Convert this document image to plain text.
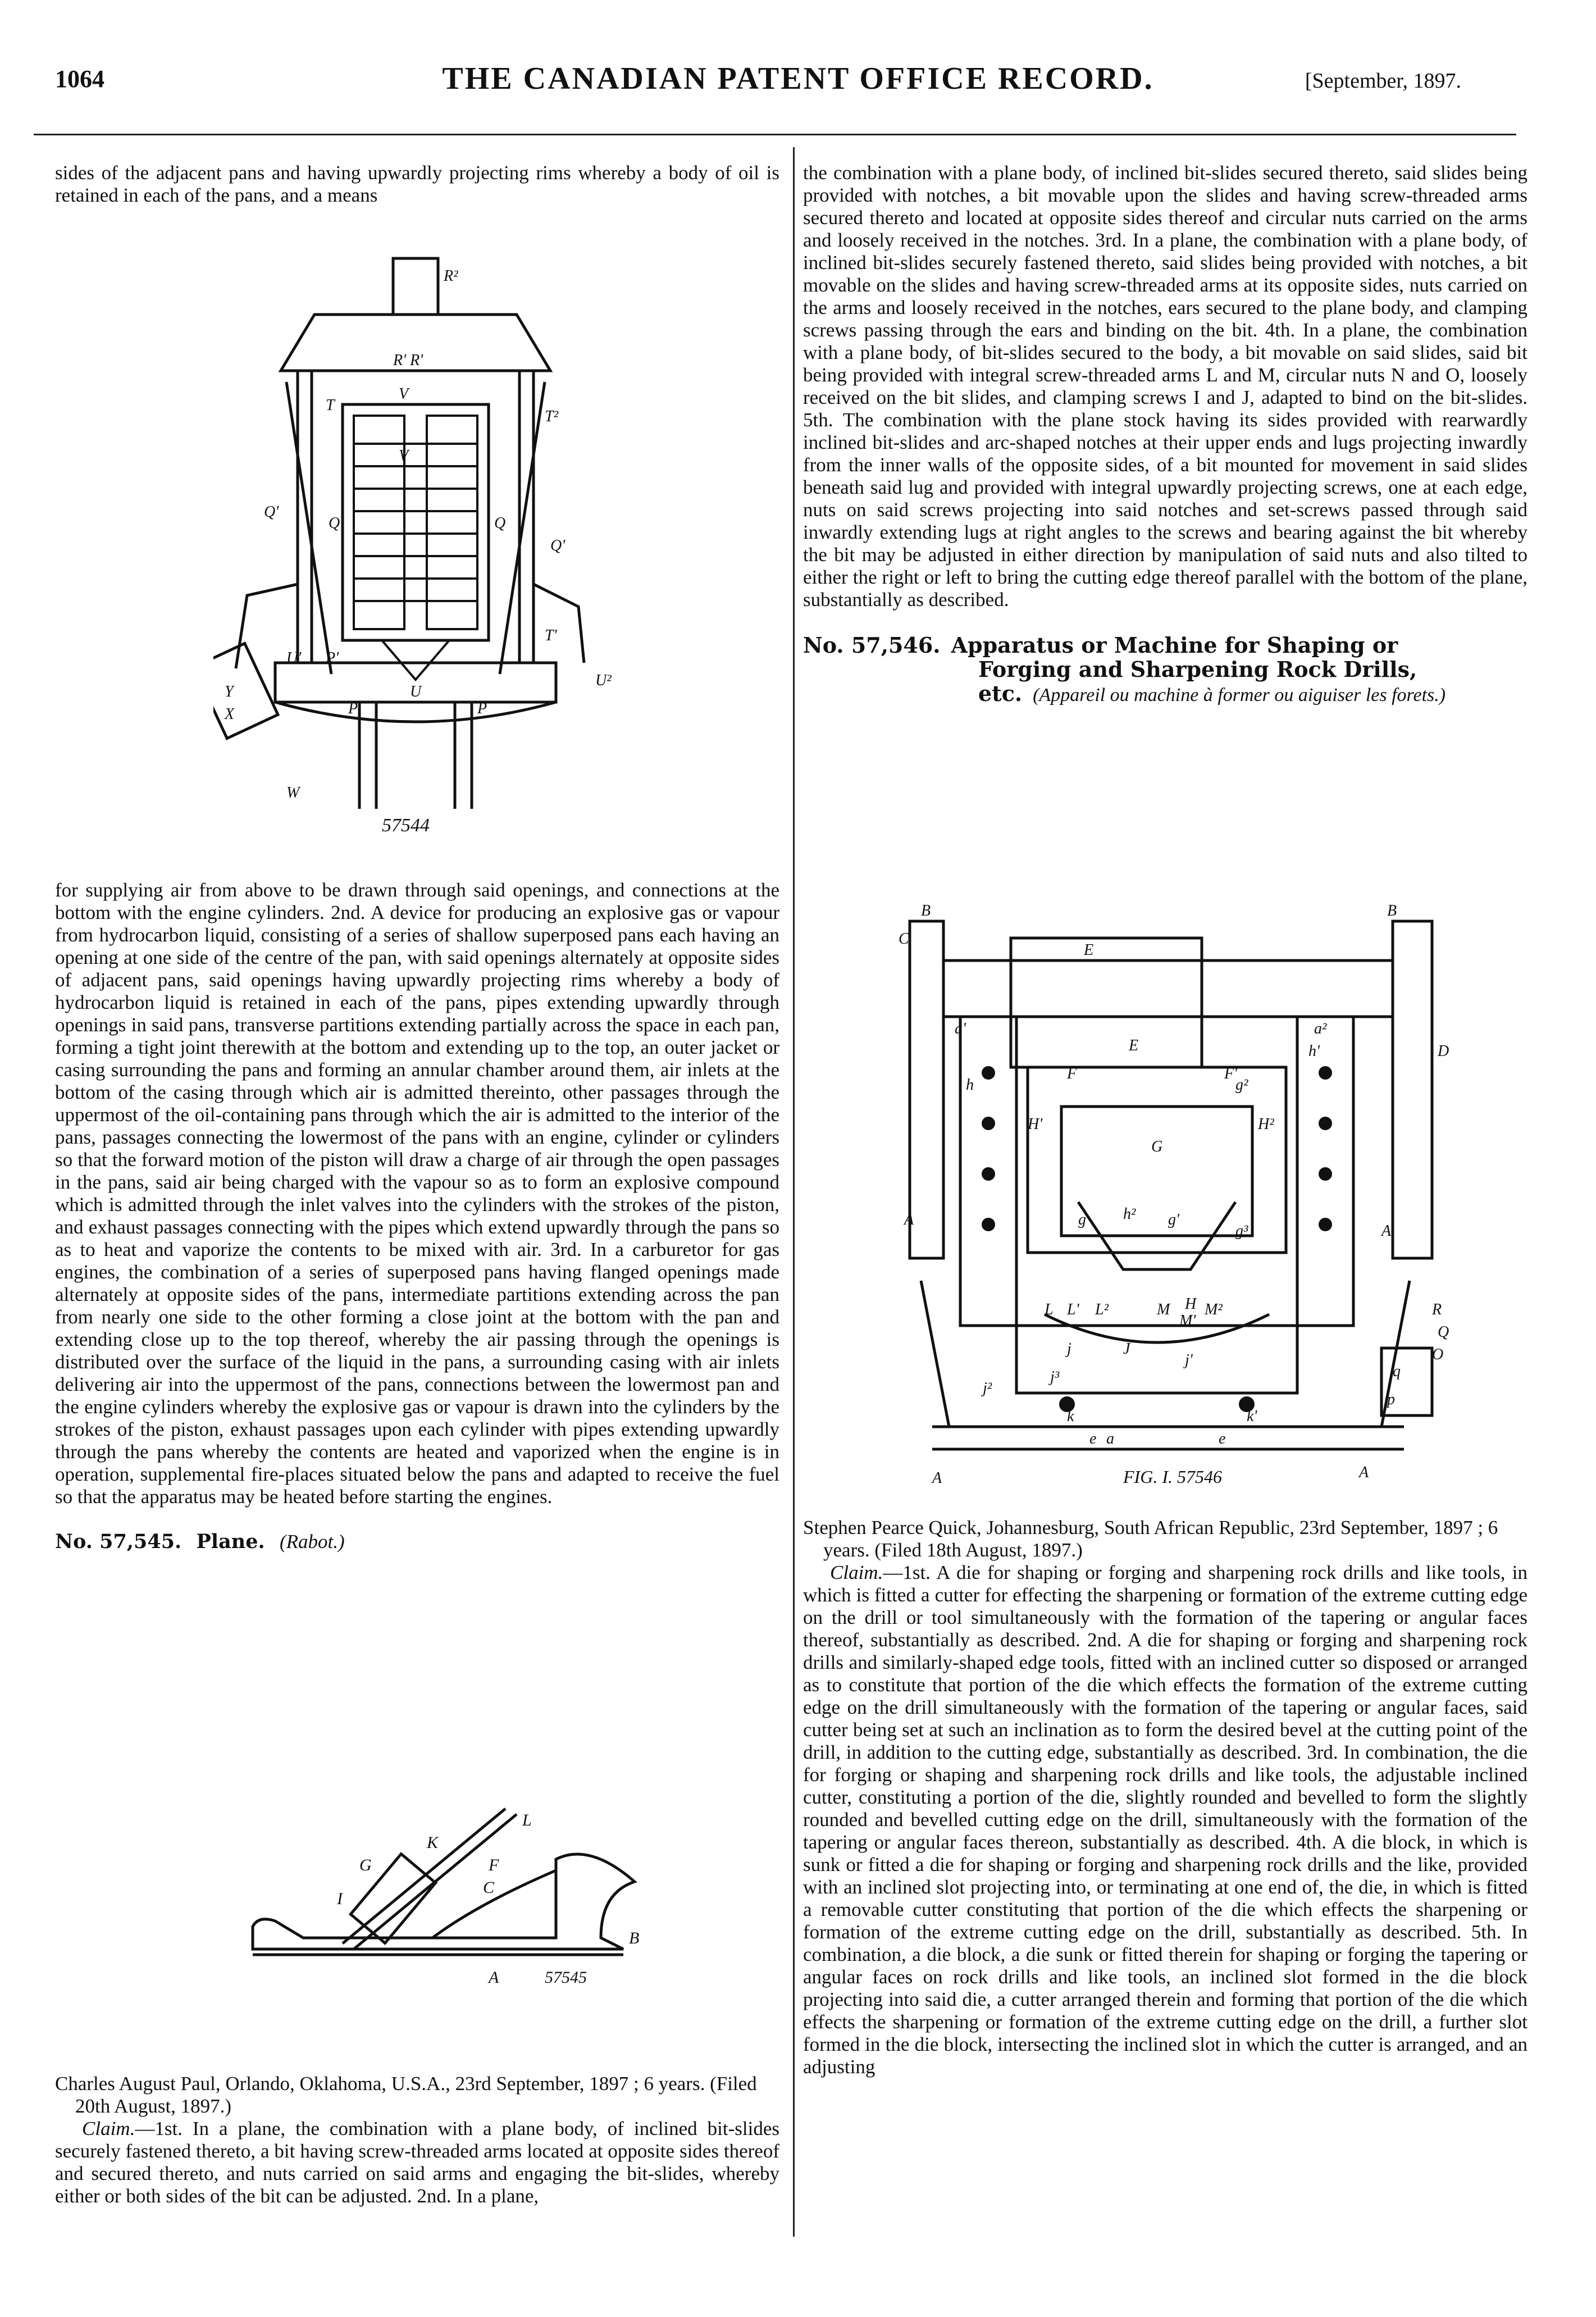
1064	THE CANADIAN PATENT OFFICE RECORD.	[September, 1897.

sides of the adjacent pans and having upwardly projecting rims whereby a body of oil is retained in each of the pans, and a means

R²
T²
Q'
Q
Q'
T'
U²
U
Y
X
W
P	P
R' R'
V
V
T
Q
U' P'
57544

for supplying air from above to be drawn through said openings, and connections at the bottom with the engine cylinders. 2nd. A device for producing an explosive gas or vapour from hydrocarbon liquid, consisting of a series of shallow superposed pans each having an opening at one side of the centre of the pan, with said openings alternately at opposite sides of adjacent pans, said openings having upwardly projecting rims whereby a body of hydrocarbon liquid is retained in each of the pans, pipes extending upwardly through openings in said pans, transverse partitions extending partially across the space in each pan, forming a tight joint therewith at the bottom and extending up to the top, an outer jacket or casing surrounding the pans and forming an annular chamber around them, air inlets at the bottom of the casing through which air is admitted thereinto, other passages through the uppermost of the oil-containing pans through which the air is admitted to the interior of the pans, passages connecting the lowermost of the pans with an engine, cylinder or cylinders so that the forward motion of the piston will draw a charge of air through the open passages in the pans, said air being charged with the vapour so as to form an explosive compound which is admitted through the inlet valves into the cylinders with the strokes of the piston, and exhaust passages connecting with the pipes which extend upwardly through the pans so as to heat and vaporize the contents to be mixed with air. 3rd. In a carburetor for gas engines, the combination of a series of superposed pans having flanged openings made alternately at opposite sides of the pans, intermediate partitions extending across the pan from nearly one side to the other forming a close joint at the bottom with the pan and extending close up to the top thereof, whereby the air passing through the openings is distributed over the surface of the liquid in the pans, a surrounding casing with air inlets delivering air into the uppermost of the pans, connections between the lowermost pan and the engine cylinders whereby the explosive gas or vapour is drawn into the cylinders by the strokes of the piston, exhaust passages upon each cylinder with pipes extending upwardly through the pans whereby the contents are heated and vaporized when the engine is in operation, supplemental fire-places situated below the pans and adapted to receive the fuel so that the apparatus may be heated before starting the engines.

No. 57,545. Plane. (Rabot.)

L
K
F
C
G
I
B
A	57545

Charles August Paul, Orlando, Oklahoma, U.S.A., 23rd September, 1897 ; 6 years. (Filed 20th August, 1897.)

Claim.—1st. In a plane, the combination with a plane body, of inclined bit-slides securely fastened thereto, a bit having screw-threaded arms located at opposite sides thereof and secured thereto, and nuts carried on said arms and engaging the bit-slides, whereby either or both sides of the bit can be adjusted. 2nd. In a plane,

the combination with a plane body, of inclined bit-slides secured thereto, said slides being provided with notches, a bit movable upon the slides and having screw-threaded arms secured thereto and located at opposite sides thereof and circular nuts carried on the arms and loosely received in the notches. 3rd. In a plane, the combination with a plane body, of inclined bit-slides securely fastened thereto, said slides being provided with notches, a bit movable on the slides and having screw-threaded arms at its opposite sides, nuts carried on the arms and loosely received in the notches, ears secured to the plane body, and clamping screws passing through the ears and binding on the bit. 4th. In a plane, the combination with a plane body, of bit-slides secured to the body, a bit movable on said slides, said bit being provided with integral screw-threaded arms L and M, circular nuts N and O, loosely received on the bit slides, and clamping screws I and J, adapted to bind on the bit-slides. 5th. The combination with the plane stock having its sides provided with rearwardly inclined bit-slides and arc-shaped notches at their upper ends and lugs projecting inwardly from the inner walls of the opposite sides, of a bit mounted for movement in said slides beneath said lug and provided with integral upwardly projecting screws, one at each edge, nuts on said screws projecting into said notches and set-screws passed through said inwardly extending lugs at right angles to the screws and bearing against the bit whereby the bit may be adjusted in either direction by manipulation of said nuts and also tilted to either the right or left to bring the cutting edge thereof parallel with the bottom of the plane, substantially as described.

No. 57,546. Apparatus or Machine for Shaping or
Forging and Sharpening Rock Drills,
etc. (Appareil ou machine à former ou aiguiser les forets.)
B	B
C
E
E	D
G
A
A
A	A
H
H'	H²
R
Q
q
p
g	g'
g²
h
h'
h²
L L' L²	M
M'
M²
J
j
j'
j²
j³
k	k'
a
a'	a²
e	e
F	F'
g³
O
FIG. I. 57546

Stephen Pearce Quick, Johannesburg, South African Republic, 23rd September, 1897 ; 6 years. (Filed 18th August, 1897.)

Claim.—1st. A die for shaping or forging and sharpening rock drills and like tools, in which is fitted a cutter for effecting the sharpening or formation of the extreme cutting edge on the drill or tool simultaneously with the formation of the tapering or angular faces thereof, substantially as described. 2nd. A die for shaping or forging and sharpening rock drills and similarly-shaped edge tools, fitted with an inclined cutter so disposed or arranged as to constitute that portion of the die which effects the formation of the extreme cutting edge on the drill simultaneously with the formation of the tapering or angular faces, said cutter being set at such an inclination as to form the desired bevel at the cutting point of the drill, in addition to the cutting edge, substantially as described. 3rd. In combination, the die for forging or shaping and sharpening rock drills and like tools, the adjustable inclined cutter, constituting a portion of the die, slightly rounded and bevelled to form the slightly rounded and bevelled cutting edge on the drill, simultaneously with the formation of the tapering or angular faces thereon, substantially as described. 4th. A die block, in which is sunk or fitted a die for shaping or forging and sharpening rock drills and the like, provided with an inclined slot projecting into, or terminating at one end of, the die, in which is fitted a removable cutter constituting that portion of the die which effects the sharpening or formation of the extreme cutting edge on the drill, substantially as described. 5th. In combination, a die block, a die sunk or fitted therein for shaping or forging the tapering or angular faces on rock drills and like tools, an inclined slot formed in the die block projecting into said die, a cutter arranged therein and forming that portion of the die which effects the sharpening or formation of the extreme cutting edge on the drill, a further slot formed in the die block, intersecting the inclined slot in which the cutter is arranged, and an adjusting
